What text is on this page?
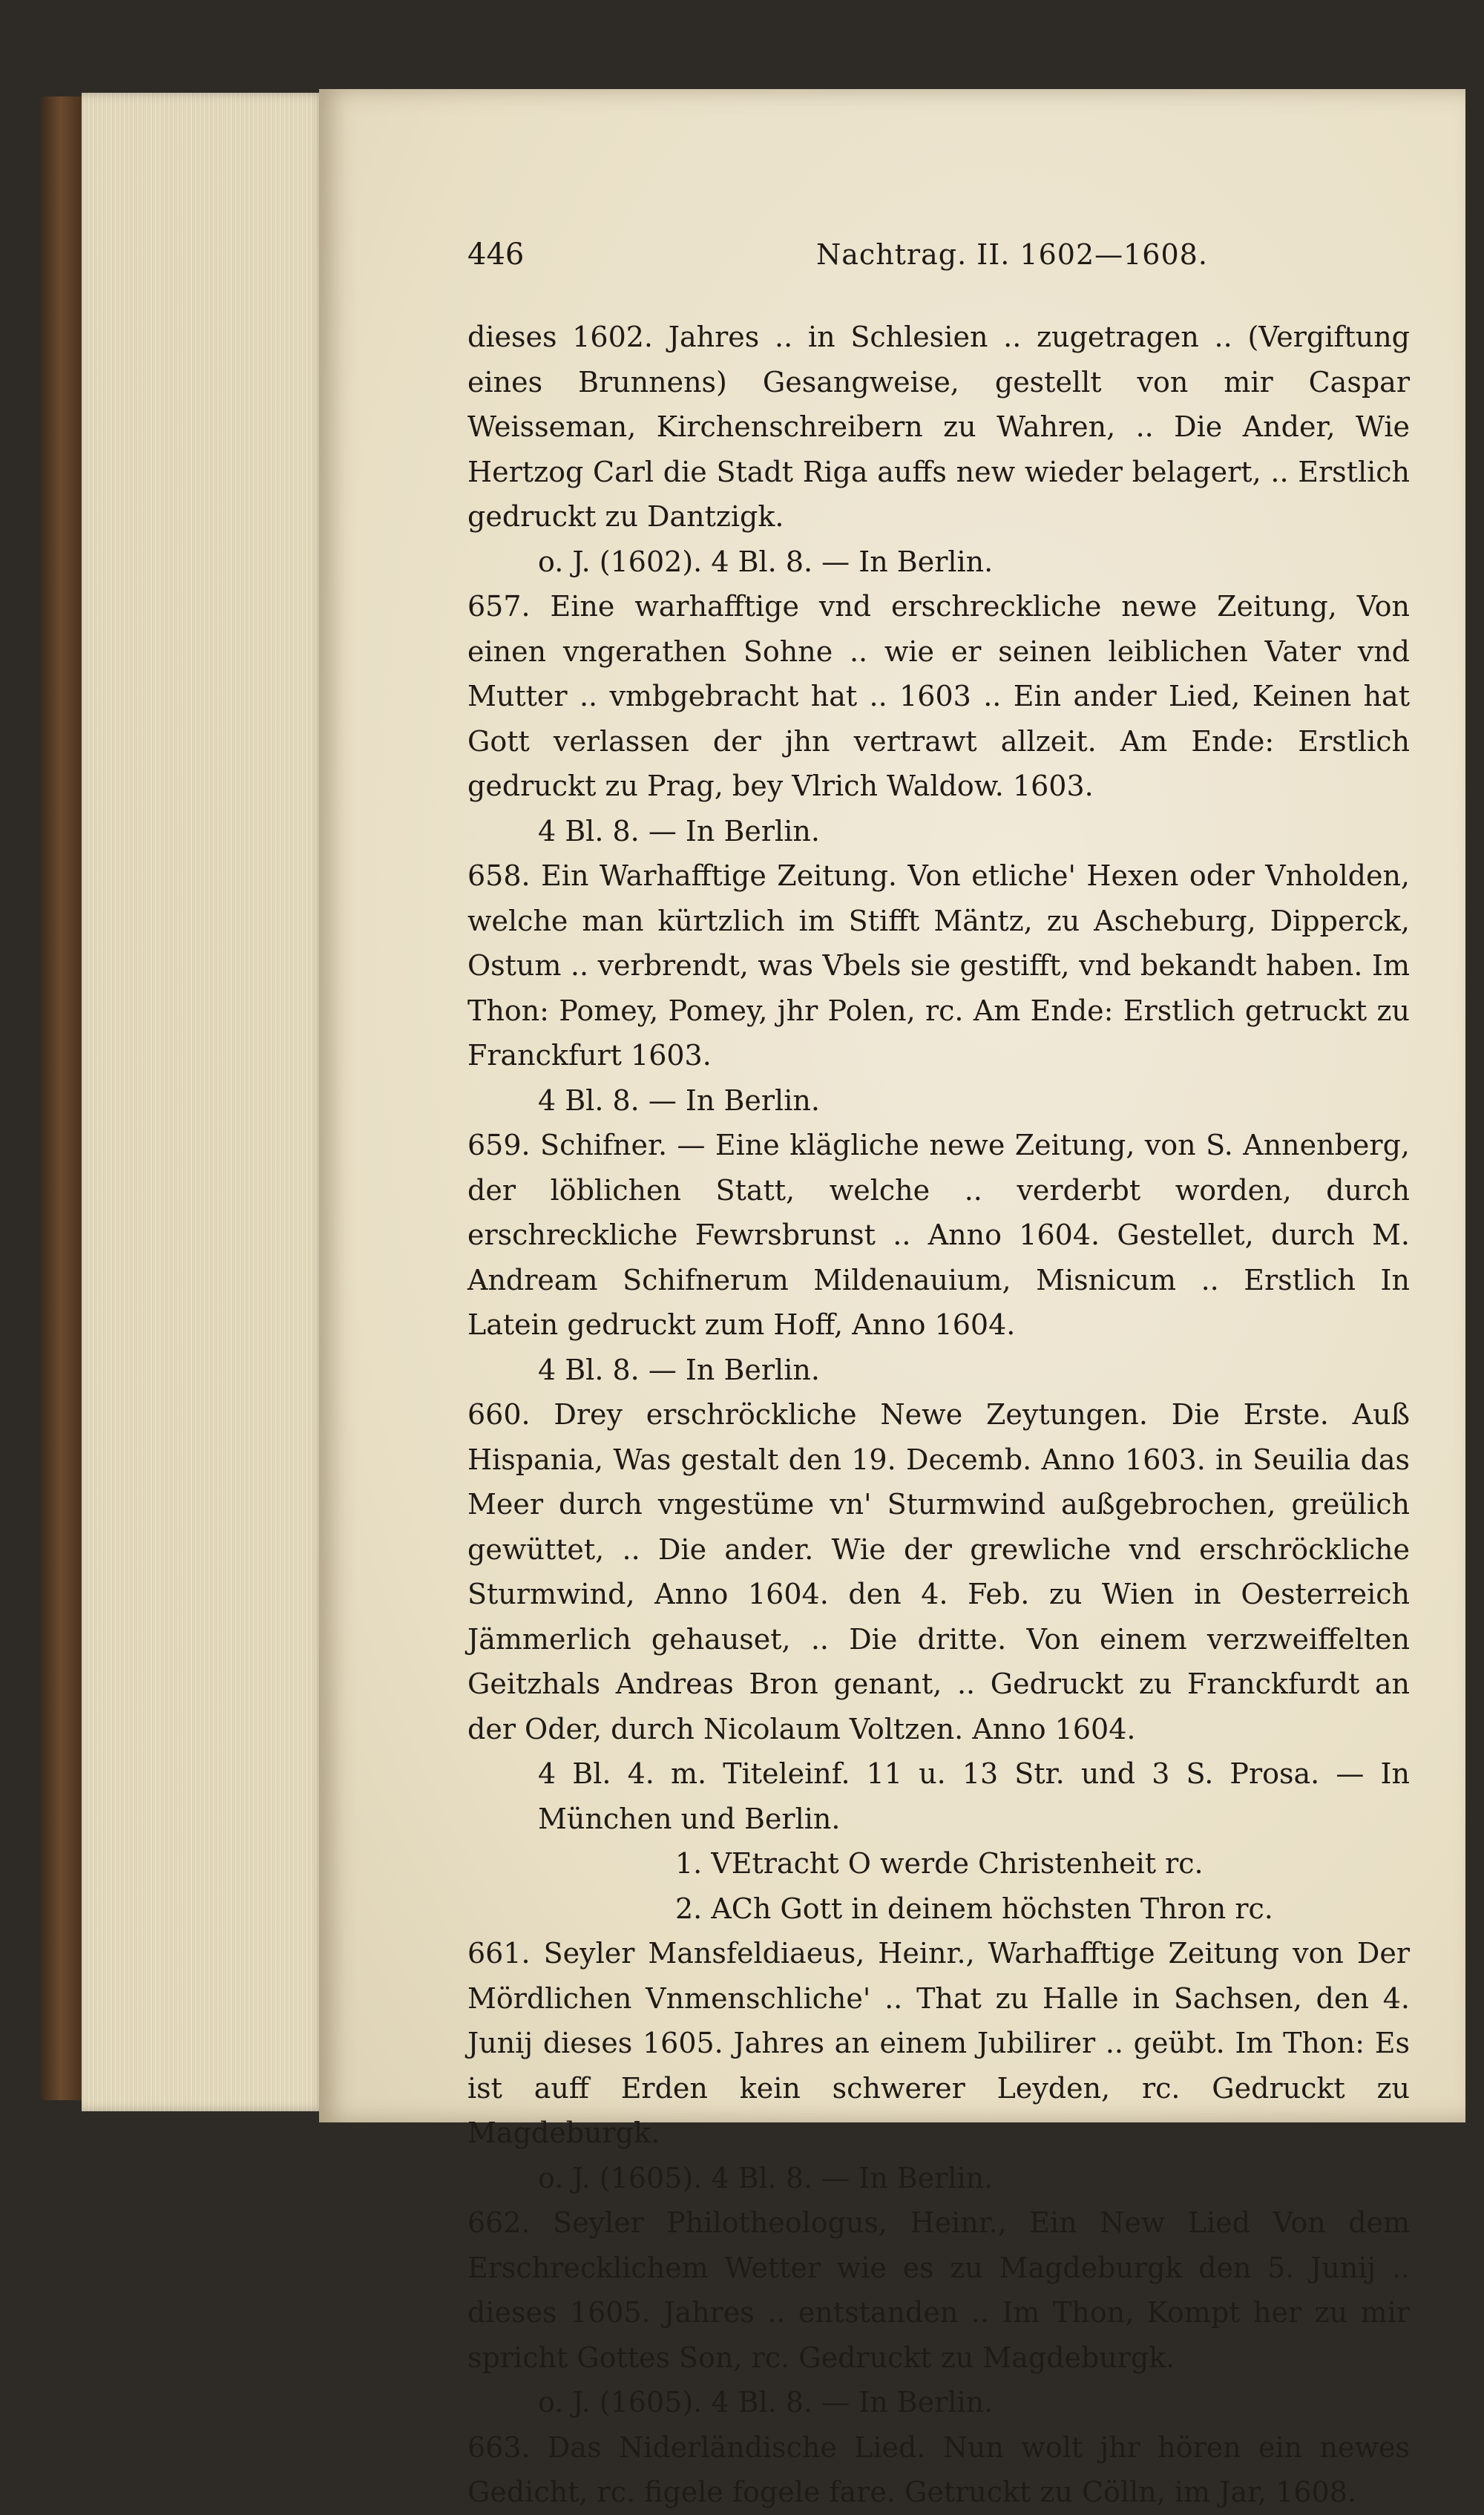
446	Nachtrag. II. 1602—1608.

dieses 1602. Jahres .. in Schlesien .. zugetragen .. (Vergiftung eines Brunnens) Gesangweise, gestellt von mir Caspar Weisseman, Kirchenschreibern zu Wahren, .. Die Ander, Wie Hertzog Carl die Stadt Riga auffs new wieder belagert, .. Erstlich gedruckt zu Dantzigk.

o. J. (1602). 4 Bl. 8. — In Berlin.

657. Eine warhafftige vnd erschreckliche newe Zeitung, Von einen vngerathen Sohne .. wie er seinen leiblichen Vater vnd Mutter .. vmbgebracht hat .. 1603 .. Ein ander Lied, Keinen hat Gott verlassen der jhn vertrawt allzeit. Am Ende: Erstlich gedruckt zu Prag, bey Vlrich Waldow. 1603.

4 Bl. 8. — In Berlin.

658. Ein Warhafftige Zeitung. Von etliche' Hexen oder Vnholden, welche man kürtzlich im Stifft Mäntz, zu Ascheburg, Dipperck, Ostum .. verbrendt, was Vbels sie gestifft, vnd bekandt haben. Im Thon: Pomey, Pomey, jhr Polen, rc. Am Ende: Erstlich getruckt zu Franckfurt 1603.

4 Bl. 8. — In Berlin.

659. Schifner. — Eine klägliche newe Zeitung, von S. Annenberg, der löblichen Statt, welche .. verderbt worden, durch erschreckliche Fewrsbrunst .. Anno 1604. Gestellet, durch M. Andream Schifnerum Mildenauium, Misnicum .. Erstlich In Latein gedruckt zum Hoff, Anno 1604.

4 Bl. 8. — In Berlin.

660. Drey erschröckliche Newe Zeytungen. Die Erste. Auß Hispania, Was gestalt den 19. Decemb. Anno 1603. in Seuilia das Meer durch vngestüme vn' Sturmwind außgebrochen, greülich gewüttet, .. Die ander. Wie der grewliche vnd erschröckliche Sturmwind, Anno 1604. den 4. Feb. zu Wien in Oesterreich Jämmerlich gehauset, .. Die dritte. Von einem verzweiffelten Geitzhals Andreas Bron genant, .. Gedruckt zu Franckfurdt an der Oder, durch Nicolaum Voltzen. Anno 1604.

4 Bl. 4. m. Titeleinf. 11 u. 13 Str. und 3 S. Prosa. — In München und Berlin.

1. VEtracht O werde Christenheit rc.

2. ACh Gott in deinem höchsten Thron rc.

661. Seyler Mansfeldiaeus, Heinr., Warhafftige Zeitung von Der Mördlichen Vnmenschliche' .. That zu Halle in Sachsen, den 4. Junij dieses 1605. Jahres an einem Jubilirer .. geübt. Im Thon: Es ist auff Erden kein schwerer Leyden, rc. Gedruckt zu Magdeburgk.

o. J. (1605). 4 Bl. 8. — In Berlin.

662. Seyler Philotheologus, Heinr., Ein New Lied Von dem Erschrecklichem Wetter wie es zu Magdeburgk den 5. Junij .. dieses 1605. Jahres .. entstanden .. Im Thon, Kompt her zu mir spricht Gottes Son, rc. Gedruckt zu Magdeburgk.

o. J. (1605). 4 Bl. 8. — In Berlin.

663. Das Niderländische Lied. Nun wolt jhr hören ein newes Gedicht, rc. figele fogele fare. Getruckt zu Cölln, im Jar, 1608.
